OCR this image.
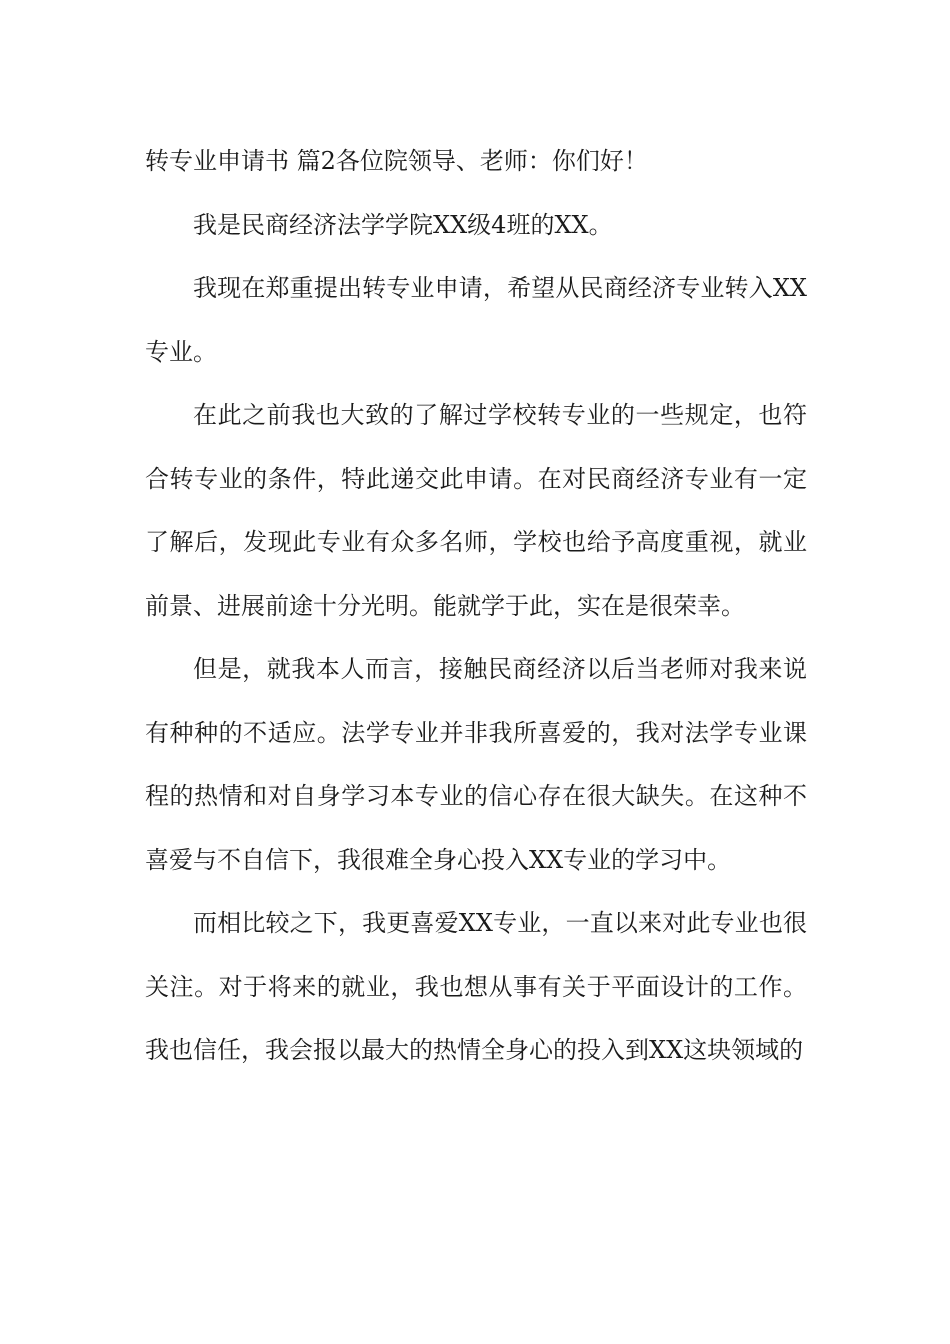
转专业申请书 篇2各位院领导、老师：你们好！

我是民商经济法学学院XX级4班的XX。

我现在郑重提出转专业申请，希望从民商经济专业转入XX专业。

在此之前我也大致的了解过学校转专业的一些规定，也符合转专业的条件，特此递交此申请。在对民商经济专业有一定了解后，发现此专业有众多名师，学校也给予高度重视，就业前景、进展前途十分光明。能就学于此，实在是很荣幸。

但是，就我本人而言，接触民商经济以后当老师对我来说有种种的不适应。法学专业并非我所喜爱的，我对法学专业课程的热情和对自身学习本专业的信心存在很大缺失。在这种不喜爱与不自信下，我很难全身心投入XX专业的学习中。

而相比较之下，我更喜爱XX专业，一直以来对此专业也很关注。对于将来的就业，我也想从事有关于平面设计的工作。我也信任，我会报以最大的热情全身心的投入到XX这块领域的
